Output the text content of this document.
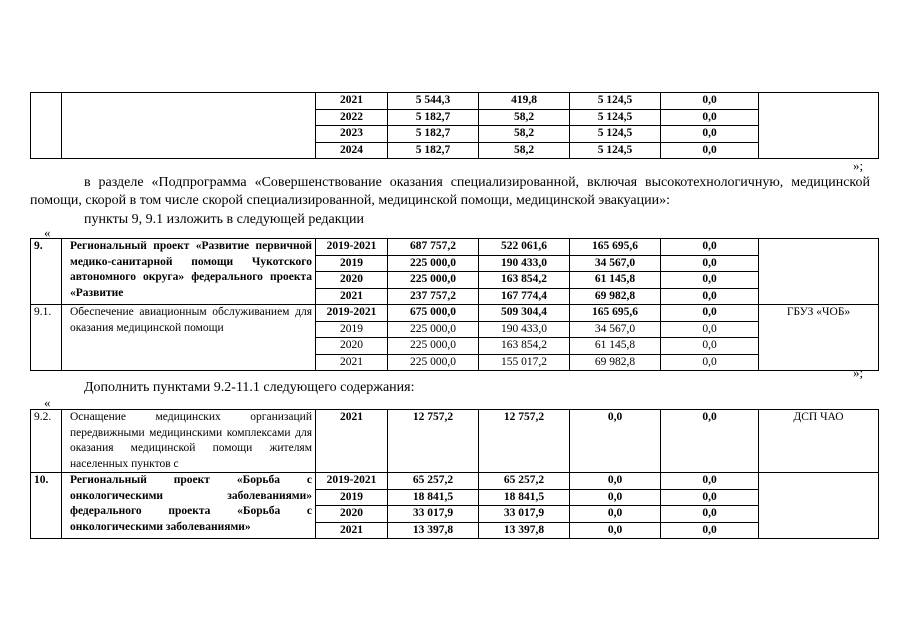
		2021	5 544,3	419,8	5 124,5	0,0	
		2022	5 182,7	58,2	5 124,5	0,0	
		2023	5 182,7	58,2	5 124,5	0,0	
		2024	5 182,7	58,2	5 124,5	0,0	
»;
в разделе «Подпрограмма «Совершенствование оказания специализированной, включая высокотехнологичную, медицинской помощи, скорой в том числе скорой специализированной, медицинской помощи, медицинской эвакуации»:
пункты 9, 9.1 изложить в следующей редакции
«
9.	Региональный проект «Развитие первичной медико-санитарной помощи Чукотского автономного округа» федерального проекта «Развитие	2019-2021	687 757,2	522 061,6	165 695,6	0,0	
		2019	225 000,0	190 433,0	34 567,0	0,0	
		2020	225 000,0	163 854,2	61 145,8	0,0	
		2021	237 757,2	167 774,4	69 982,8	0,0	
9.1.	Обеспечение авиационным обслуживанием для оказания медицинской помощи	2019-2021	675 000,0	509 304,4	165 695,6	0,0	ГБУЗ «ЧОБ»
		2019	225 000,0	190 433,0	34 567,0	0,0	
		2020	225 000,0	163 854,2	61 145,8	0,0	
		2021	225 000,0	155 017,2	69 982,8	0,0	
»;
Дополнить пунктами 9.2-11.1 следующего содержания:
«
9.2.	Оснащение медицинских организаций передвижными медицинскими комплексами для оказания медицинской помощи жителям населенных пунктов с	2021	12 757,2	12 757,2	0,0	0,0	ДСП ЧАО
10.	Региональный проект «Борьба с онкологическими заболеваниями» федерального проекта «Борьба с онкологическими заболеваниями»	2019-2021	65 257,2	65 257,2	0,0	0,0	
		2019	18 841,5	18 841,5	0,0	0,0	
		2020	33 017,9	33 017,9	0,0	0,0	
		2021	13 397,8	13 397,8	0,0	0,0	
